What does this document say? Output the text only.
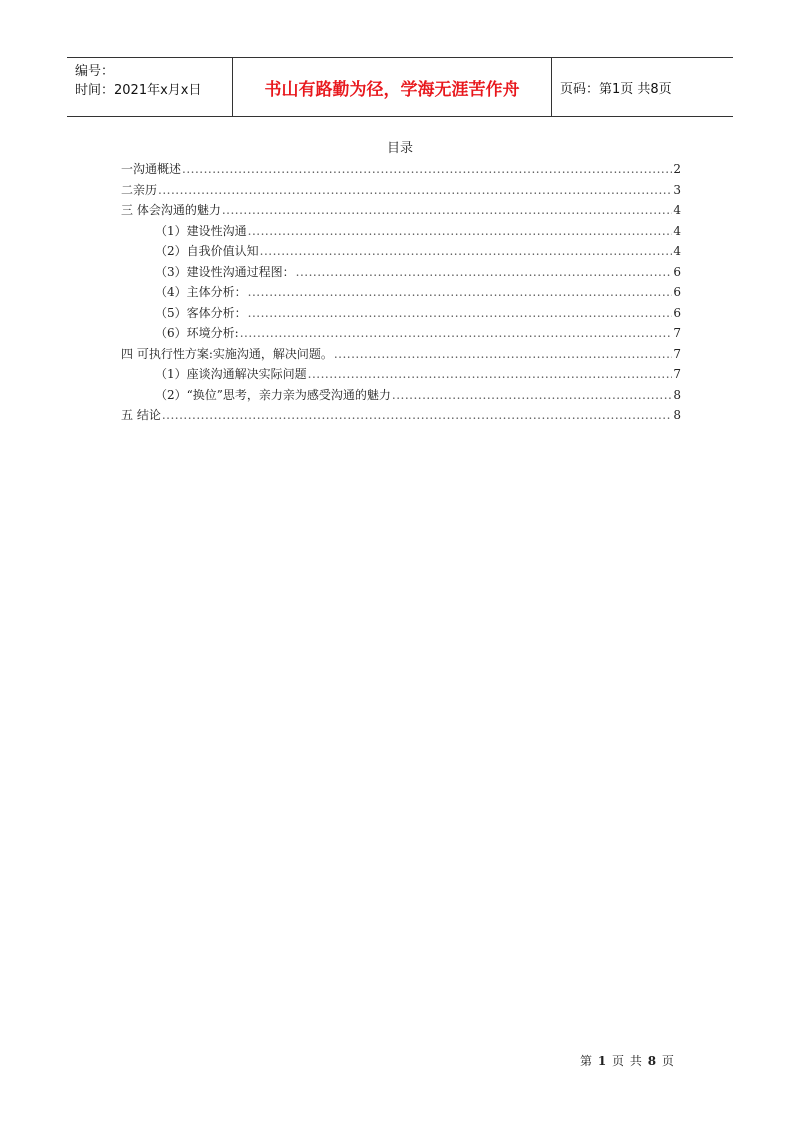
编号：
时间：2021年x月x日	书山有路勤为径，学海无涯苦作舟	页码：第1页 共8页
目录
一沟通概述 .....	2
二亲历 .....	3
三 体会沟通的魅力 .....	4
（1）建设性沟通 .....	4
（2）自我价值认知 .....	4
（3）建设性沟通过程图： .....	6
（4）主体分析： .....	6
（5）客体分析： .....	6
（6）环境分析: .....	7
四 可执行性方案:实施沟通，解决问题。 .....	7
（1）座谈沟通解决实际问题 .....	7
（2）“换位”思考，亲力亲为感受沟通的魅力 .....	8
五 结论 .....	8
第 1 页 共 8 页
